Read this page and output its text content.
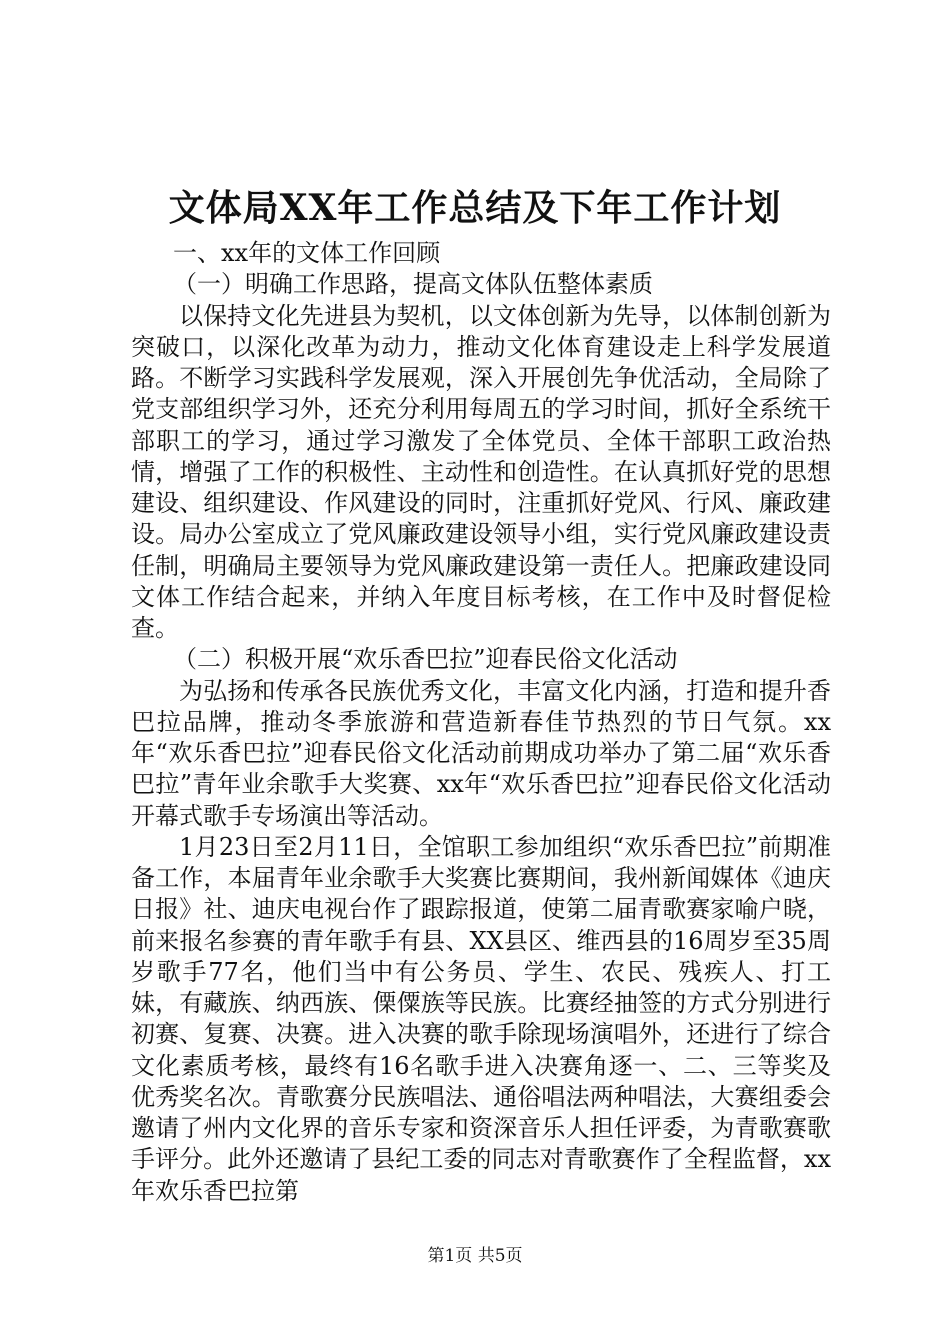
文体局XX年工作总结及下年工作计划

一、xx年的文体工作回顾

（一）明确工作思路，提高文体队伍整体素质

以保持文化先进县为契机，以文体创新为先导，以体制创新为突破口，以深化改革为动力，推动文化体育建设走上科学发展道路。不断学习实践科学发展观，深入开展创先争优活动，全局除了党支部组织学习外，还充分利用每周五的学习时间，抓好全系统干部职工的学习，通过学习激发了全体党员、全体干部职工政治热情，增强了工作的积极性、主动性和创造性。在认真抓好党的思想建设、组织建设、作风建设的同时，注重抓好党风、行风、廉政建设。局办公室成立了党风廉政建设领导小组，实行党风廉政建设责任制，明确局主要领导为党风廉政建设第一责任人。把廉政建设同文体工作结合起来，并纳入年度目标考核，在工作中及时督促检查。

（二）积极开展“欢乐香巴拉”迎春民俗文化活动

为弘扬和传承各民族优秀文化，丰富文化内涵，打造和提升香巴拉品牌，推动冬季旅游和营造新春佳节热烈的节日气氛。xx年“欢乐香巴拉”迎春民俗文化活动前期成功举办了第二届“欢乐香巴拉”青年业余歌手大奖赛、xx年“欢乐香巴拉”迎春民俗文化活动开幕式歌手专场演出等活动。

1月23日至2月11日，全馆职工参加组织“欢乐香巴拉”前期准备工作，本届青年业余歌手大奖赛比赛期间，我州新闻媒体《迪庆日报》社、迪庆电视台作了跟踪报道，使第二届青歌赛家喻户晓，前来报名参赛的青年歌手有县、XX县区、维西县的16周岁至35周岁歌手77名，他们当中有公务员、学生、农民、残疾人、打工妹，有藏族、纳西族、傈僳族等民族。比赛经抽签的方式分别进行初赛、复赛、决赛。进入决赛的歌手除现场演唱外，还进行了综合文化素质考核，最终有16名歌手进入决赛角逐一、二、三等奖及优秀奖名次。青歌赛分民族唱法、通俗唱法两种唱法，大赛组委会邀请了州内文化界的音乐专家和资深音乐人担任评委，为青歌赛歌手评分。此外还邀请了县纪工委的同志对青歌赛作了全程监督，xx年欢乐香巴拉第

第1页 共5页
